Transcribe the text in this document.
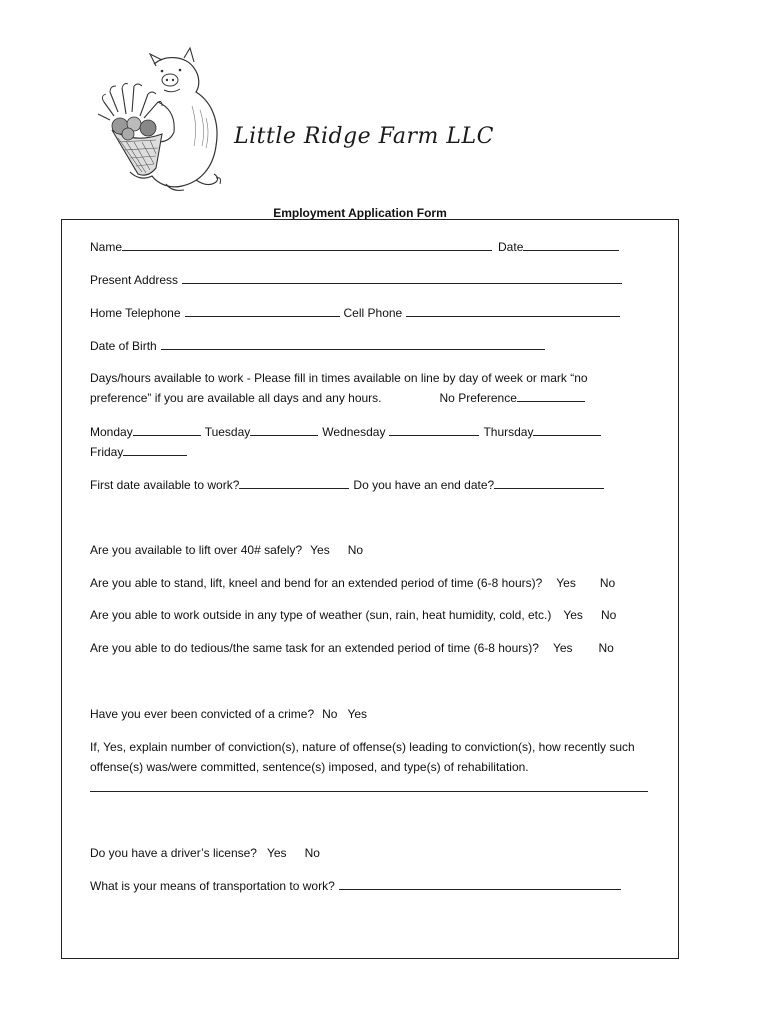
Little Ridge Farm LLC
Employment Application Form
Name	Date
Present Address
Home Telephone	Cell Phone
Date of Birth
Days/hours available to work - Please fill in times available on line by day of week or mark “no
preference” if you are available all days and any hours.	No Preference
Monday	Tuesday	Wednesday	Thursday
Friday
First date available to work?	Do you have an end date?
Are you available to lift over 40# safely? Yes No
Are you able to stand, lift, kneel and bend for an extended period of time (6-8 hours)? Yes No
Are you able to work outside in any type of weather (sun, rain, heat humidity, cold, etc.) Yes No
Are you able to do tedious/the same task for an extended period of time (6-8 hours)? Yes No
Have you ever been convicted of a crime? No Yes
If, Yes, explain number of conviction(s), nature of offense(s) leading to conviction(s), how recently such
offense(s) was/were committed, sentence(s) imposed, and type(s) of rehabilitation.
Do you have a driver’s license? Yes No
What is your means of transportation to work?
